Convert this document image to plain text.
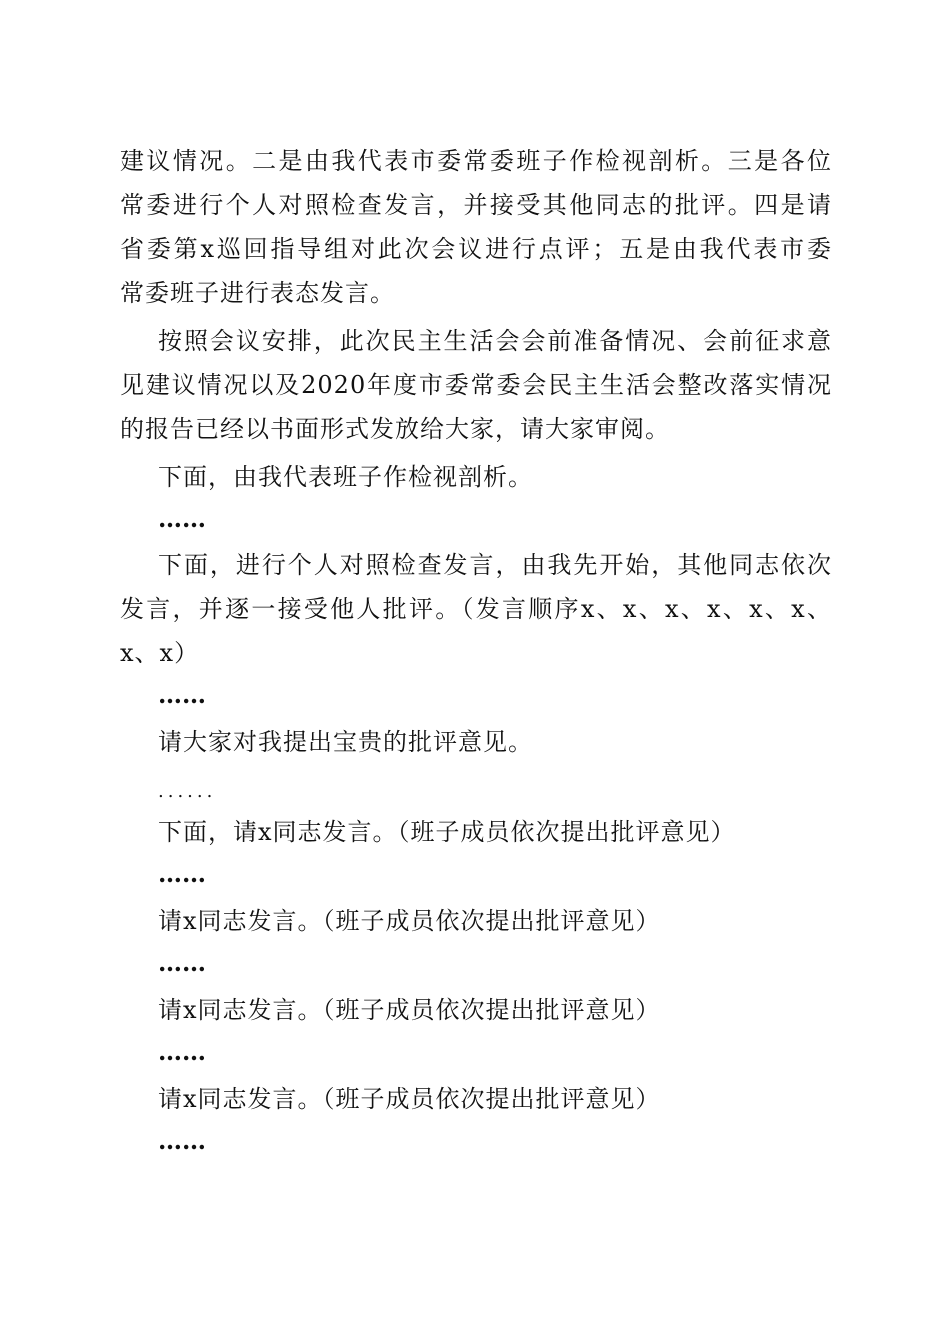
建议情况。二是由我代表市委常委班子作检视剖析。三是各位
常委进行个人对照检查发言，并接受其他同志的批评。四是请
省委第x巡回指导组对此次会议进行点评；五是由我代表市委
常委班子进行表态发言。
按照会议安排，此次民主生活会会前准备情况、会前征求意
见建议情况以及2020年度市委常委会民主生活会整改落实情况
的报告已经以书面形式发放给大家，请大家审阅。
下面，由我代表班子作检视剖析。
……
下面，进行个人对照检查发言，由我先开始，其他同志依次
发言，并逐一接受他人批评。（发言顺序x、x、x、x、x、x、
x、x）
……
请大家对我提出宝贵的批评意见。
......
下面，请x同志发言。（班子成员依次提出批评意见）
……
请x同志发言。（班子成员依次提出批评意见）
……
请x同志发言。（班子成员依次提出批评意见）
……
请x同志发言。（班子成员依次提出批评意见）
……
